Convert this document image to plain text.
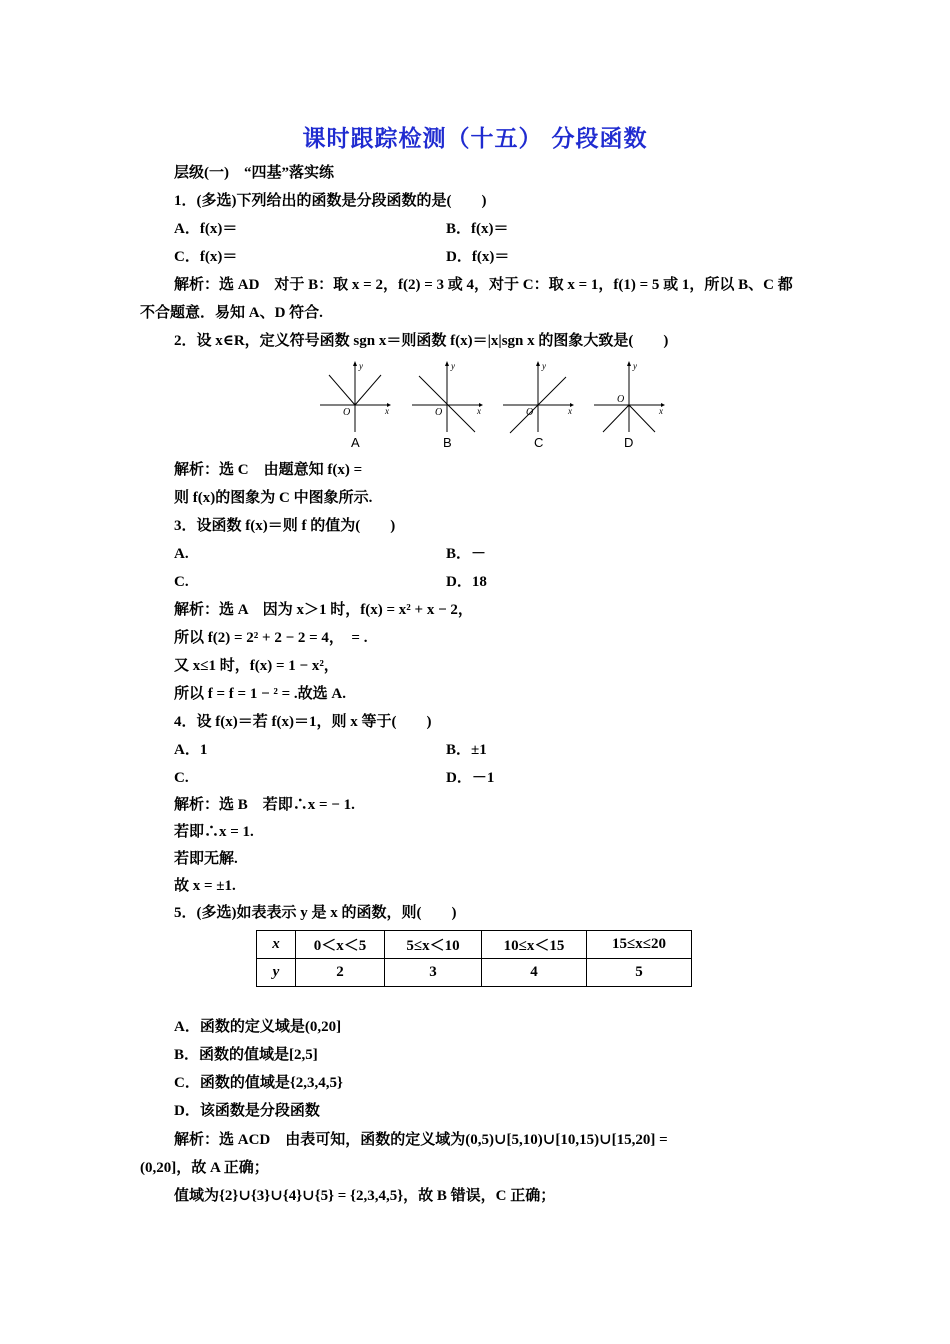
课时跟踪检测（十五） 分段函数
层级(一)　“四基”落实练
1．(多选)下列给出的函数是分段函数的是(　　)
A．f(x)＝	B．f(x)＝
C．f(x)＝	D．f(x)＝
解析：选 AD　对于 B：取 x = 2，f(2) = 3 或 4，对于 C：取 x = 1，f(1) = 5 或 1，所以 B、C 都
不合题意．易知 A、D 符合.
2．设 x∈R，定义符号函数 sgn x＝则函数 f(x)＝|x|sgn x 的图象大致是(　　)
O	x
y
O	x
y
O	x
y
O
x
y
A	B	C	D
解析：选 C　由题意知 f(x) =
则 f(x)的图象为 C 中图象所示.
3．设函数 f(x)＝则 f 的值为(　　)
A.	B．－
C.	D．18
解析：选 A　因为 x＞1 时，f(x) = x² + x − 2，
所以 f(2) = 2² + 2 − 2 = 4，　= .
又 x≤1 时，f(x) = 1 − x²，
所以 f = f = 1 − ² = .故选 A.
4．设 f(x)＝若 f(x)＝1，则 x 等于(　　)
A．1	B．±1
C.	D．－1
解析：选 B　若即∴x = − 1.
若即∴x = 1.
若即无解.
故 x = ±1.
5．(多选)如表表示 y 是 x 的函数，则(　　)
x	0＜x＜5	5≤x＜10	10≤x＜15	15≤x≤20
y	2	3	4	5
A．函数的定义域是(0,20]
B．函数的值域是[2,5]
C．函数的值域是{2,3,4,5}
D．该函数是分段函数
解析：选 ACD　由表可知，函数的定义域为(0,5)∪[5,10)∪[10,15)∪[15,20] =
(0,20]，故 A 正确；
值域为{2}∪{3}∪{4}∪{5} = {2,3,4,5}，故 B 错误，C 正确；
